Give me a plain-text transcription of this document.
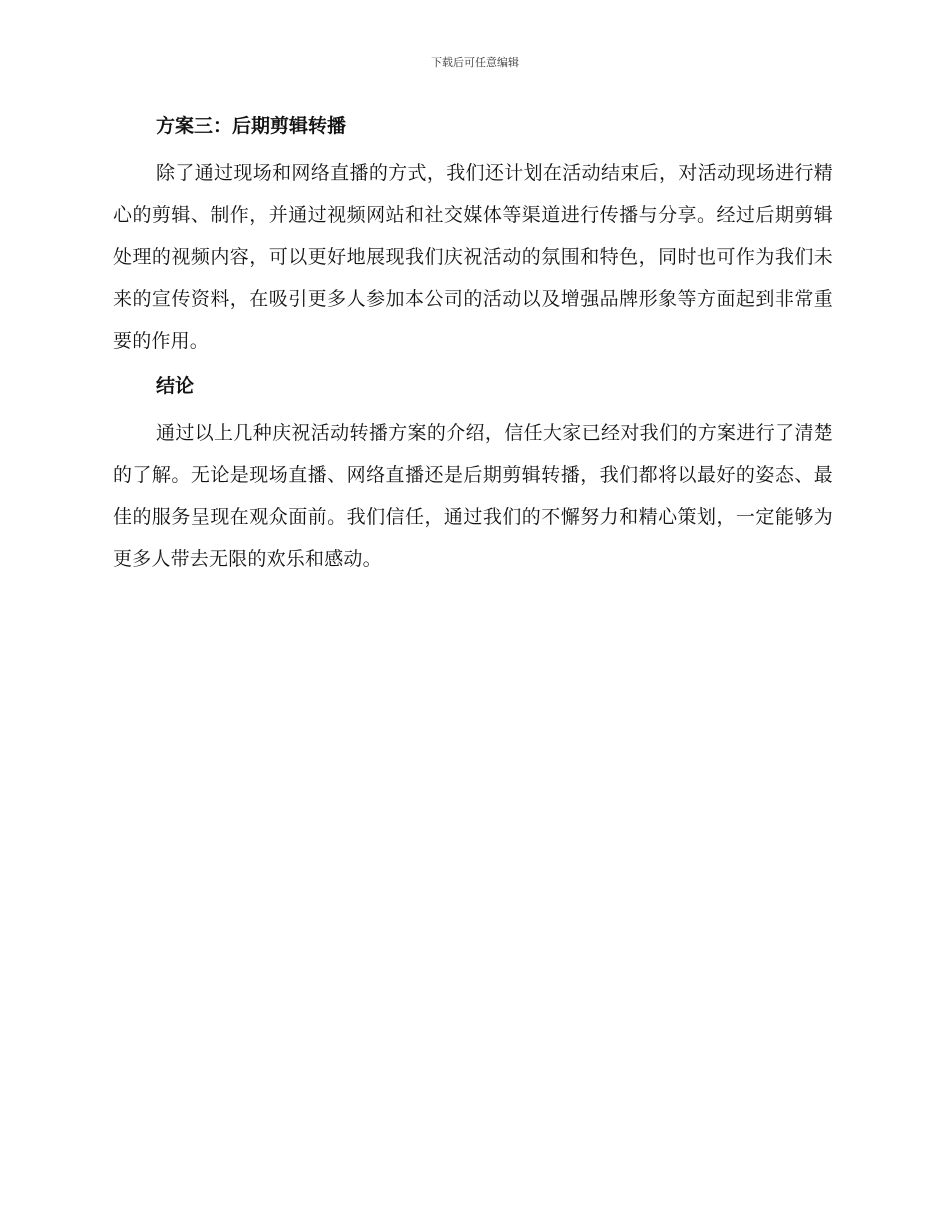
下载后可任意编辑
方案三：后期剪辑转播

除了通过现场和网络直播的方式，我们还计划在活动结束后，对活动现场进行精心的剪辑、制作，并通过视频网站和社交媒体等渠道进行传播与分享。经过后期剪辑处理的视频内容，可以更好地展现我们庆祝活动的氛围和特色，同时也可作为我们未来的宣传资料，在吸引更多人参加本公司的活动以及增强品牌形象等方面起到非常重要的作用。

结论

通过以上几种庆祝活动转播方案的介绍，信任大家已经对我们的方案进行了清楚的了解。无论是现场直播、网络直播还是后期剪辑转播，我们都将以最好的姿态、最佳的服务呈现在观众面前。我们信任，通过我们的不懈努力和精心策划，一定能够为更多人带去无限的欢乐和感动。
